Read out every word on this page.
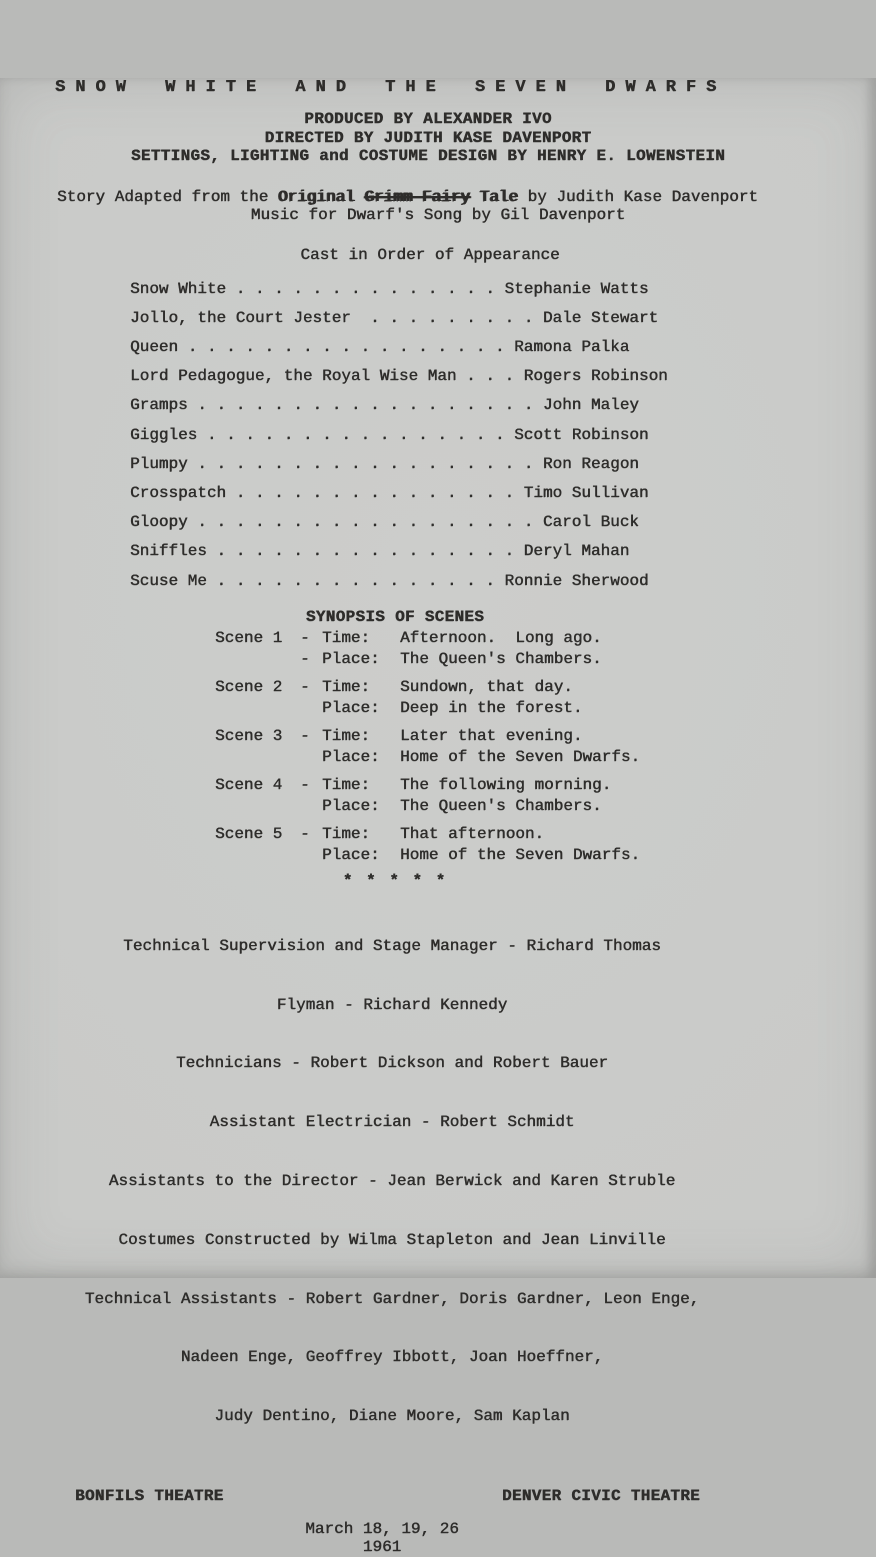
SNOW WHITE AND THE SEVEN DWARFS
PRODUCED BY ALEXANDER IVO
DIRECTED BY JUDITH KASE DAVENPORT
SETTINGS, LIGHTING and COSTUME DESIGN BY HENRY E. LOWENSTEIN
Story Adapted from the Original Grimm Fairy Tale by Judith Kase Davenport
Music for Dwarf's Song by Gil Davenport
Cast in Order of Appearance
Snow White . . . . . . . . . . . . . . Stephanie Watts
Jollo, the Court Jester  . . . . . . . . . Dale Stewart
Queen . . . . . . . . . . . . . . . . . Ramona Palka
Lord Pedagogue, the Royal Wise Man . . . Rogers Robinson
Gramps . . . . . . . . . . . . . . . . . . John Maley
Giggles . . . . . . . . . . . . . . . . Scott Robinson
Plumpy . . . . . . . . . . . . . . . . . . Ron Reagon
Crosspatch . . . . . . . . . . . . . . . Timo Sullivan
Gloopy . . . . . . . . . . . . . . . . . . Carol Buck
Sniffles . . . . . . . . . . . . . . . . Deryl Mahan
Scuse Me . . . . . . . . . . . . . . . Ronnie Sherwood
SYNOPSIS OF SCENES
Scene 1	- Time:	Afternoon.  Long ago.
- Place:	The Queen's Chambers.
Scene 2	- Time:	Sundown, that day.
Place:	Deep in the forest.
Scene 3	- Time:	Later that evening.
Place:	Home of the Seven Dwarfs.
Scene 4	- Time:	The following morning.
Place:	The Queen's Chambers.
Scene 5	- Time:	That afternoon.
Place:	Home of the Seven Dwarfs.
* * * * *

Technical Supervision and Stage Manager - Richard Thomas

Flyman - Richard Kennedy

Technicians - Robert Dickson and Robert Bauer

Assistant Electrician - Robert Schmidt

Assistants to the Director - Jean Berwick and Karen Struble

Costumes Constructed by Wilma Stapleton and Jean Linville

Technical Assistants - Robert Gardner, Doris Gardner, Leon Enge,

Nadeen Enge, Geoffrey Ibbott, Joan Hoeffner,

Judy Dentino, Diane Moore, Sam Kaplan

BONFILS THEATRE	DENVER CIVIC THEATRE
March 18, 19, 26
1961
